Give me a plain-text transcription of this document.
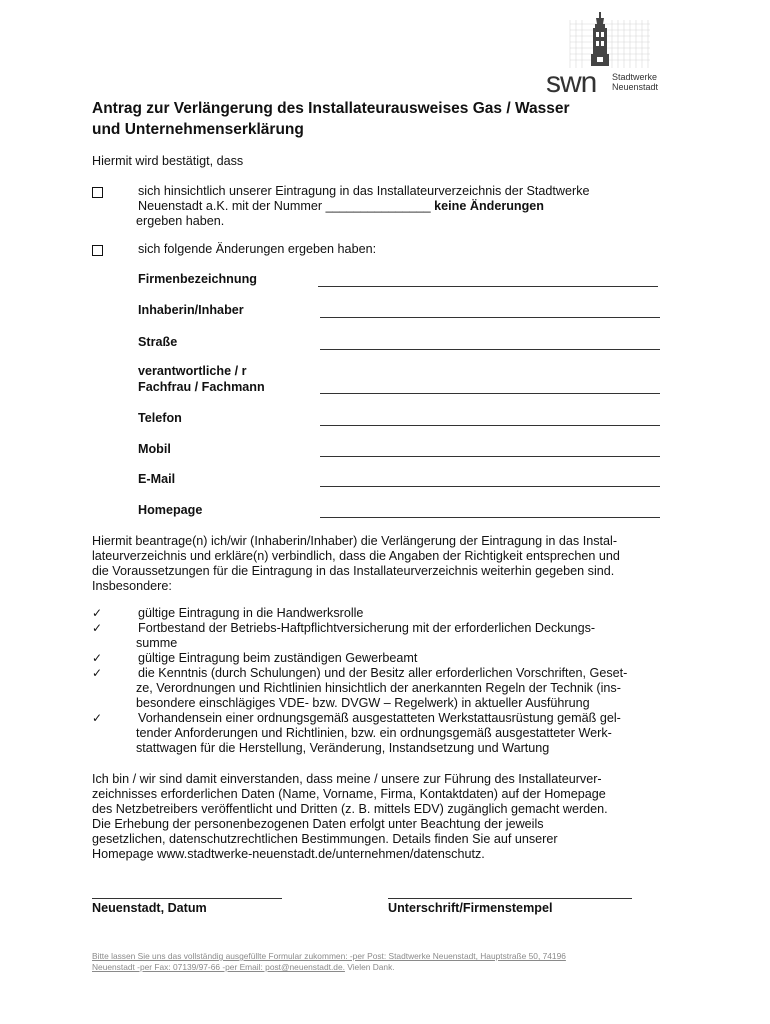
swn Stadtwerke
Neuenstadt
Antrag zur Verlängerung des Installateurausweises Gas / Wasser
und Unternehmenserklärung
Hiermit wird bestätigt, dass
sich hinsichtlich unserer Eintragung in das Installateurverzeichnis der Stadtwerke
Neuenstadt a.K. mit der Nummer _______________ keine Änderungen
ergeben haben.
sich folgende Änderungen ergeben haben:
Firmenbezeichnung
Inhaberin/Inhaber
Straße
verantwortliche / r
Fachfrau / Fachmann
Telefon
Mobil
E-Mail
Homepage
Hiermit beantrage(n) ich/wir (Inhaberin/Inhaber) die Verlängerung der Eintragung in das Instal-
lateurverzeichnis und erkläre(n) verbindlich, dass die Angaben der Richtigkeit entsprechen und
die Voraussetzungen für die Eintragung in das Installateurverzeichnis weiterhin gegeben sind.
Insbesondere:
✓	gültige Eintragung in die Handwerksrolle
✓	Fortbestand der Betriebs-Haftpflichtversicherung mit der erforderlichen Deckungs-
summe
✓	gültige Eintragung beim zuständigen Gewerbeamt
✓	die Kenntnis (durch Schulungen) und der Besitz aller erforderlichen Vorschriften, Geset-
ze, Verordnungen und Richtlinien hinsichtlich der anerkannten Regeln der Technik (ins-
besondere einschlägiges VDE- bzw. DVGW – Regelwerk) in aktueller Ausführung
✓	Vorhandensein einer ordnungsgemäß ausgestatteten Werkstattausrüstung gemäß gel-
tender Anforderungen und Richtlinien, bzw. ein ordnungsgemäß ausgestatteter Werk-
stattwagen für die Herstellung, Veränderung, Instandsetzung und Wartung
Ich bin / wir sind damit einverstanden, dass meine / unsere zur Führung des Installateurver-
zeichnisses erforderlichen Daten (Name, Vorname, Firma, Kontaktdaten) auf der Homepage
des Netzbetreibers veröffentlicht und Dritten (z. B. mittels EDV) zugänglich gemacht werden.
Die Erhebung der personenbezogenen Daten erfolgt unter Beachtung der jeweils
gesetzlichen, datenschutzrechtlichen Bestimmungen. Details finden Sie auf unserer
Homepage www.stadtwerke-neuenstadt.de/unternehmen/datenschutz.
Neuenstadt, Datum	Unterschrift/Firmenstempel
Bitte lassen Sie uns das vollständig ausgefüllte Formular zukommen: -per Post: Stadtwerke Neuenstadt, Hauptstraße 50, 74196
Neuenstadt -per Fax: 07139/97-66 -per Email: post@neuenstadt.de. Vielen Dank.
